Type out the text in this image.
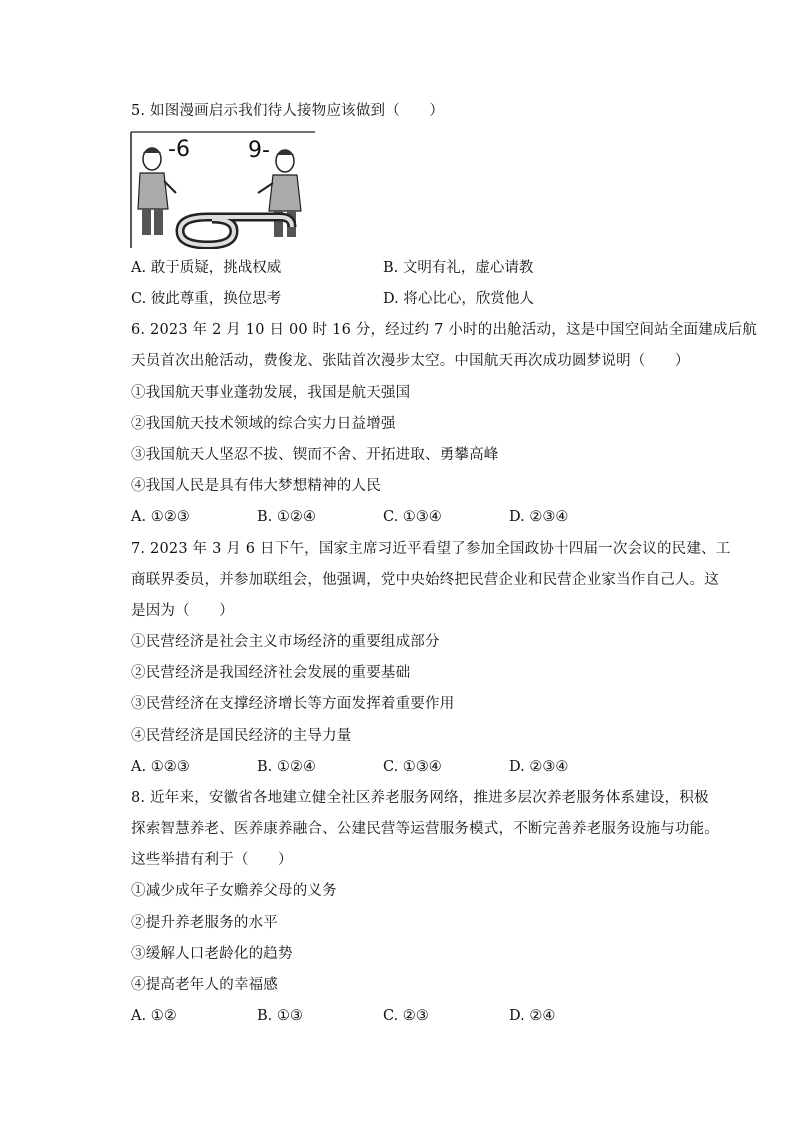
5. 如图漫画启示我们待人接物应该做到（　　）
-6	9-
A. 敢于质疑，挑战权威	B. 文明有礼，虚心请教
C. 彼此尊重，换位思考	D. 将心比心，欣赏他人
6. 2023 年 2 月 10 日 00 时 16 分，经过约 7 小时的出舱活动，这是中国空间站全面建成后航
天员首次出舱活动，费俊龙、张陆首次漫步太空。中国航天再次成功圆梦说明（　　）
①我国航天事业蓬勃发展，我国是航天强国
②我国航天技术领域的综合实力日益增强
③我国航天人坚忍不拔、锲而不舍、开拓进取、勇攀高峰
④我国人民是具有伟大梦想精神的人民
A. ①②③	B. ①②④	C. ①③④	D. ②③④
7. 2023 年 3 月 6 日下午，国家主席习近平看望了参加全国政协十四届一次会议的民建、工
商联界委员，并参加联组会，他强调，党中央始终把民营企业和民营企业家当作自己人。这
是因为（　　）
①民营经济是社会主义市场经济的重要组成部分
②民营经济是我国经济社会发展的重要基础
③民营经济在支撑经济增长等方面发挥着重要作用
④民营经济是国民经济的主导力量
A. ①②③	B. ①②④	C. ①③④	D. ②③④
8. 近年来，安徽省各地建立健全社区养老服务网络，推进多层次养老服务体系建设，积极
探索智慧养老、医养康养融合、公建民营等运营服务模式，不断完善养老服务设施与功能。
这些举措有利于（　　）
①减少成年子女赡养父母的义务
②提升养老服务的水平
③缓解人口老龄化的趋势
④提高老年人的幸福感
A. ①②	B. ①③	C. ②③	D. ②④
